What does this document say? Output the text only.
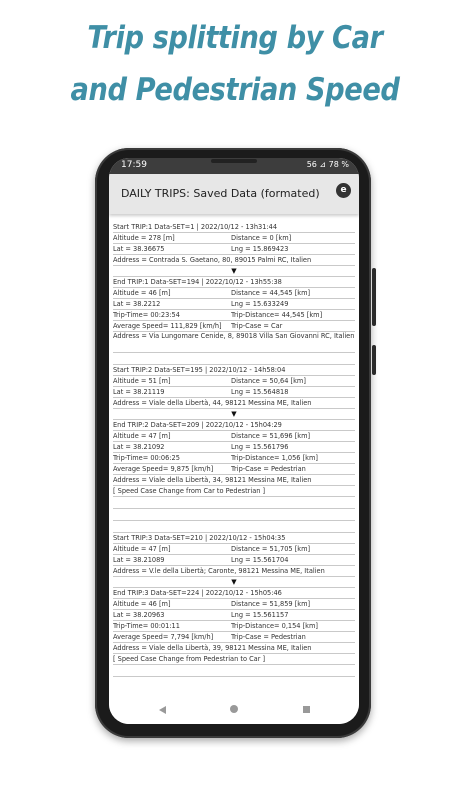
Trip splitting by Car
and Pedestrian Speed
17:59	56 ⊿ 78 %
DAILY TRIPS: Saved Data (formated)	e
Start TRIP:1 Data-SET=1 | 2022/10/12 - 13h31:44
Altitude = 278 [m]	Distance = 0 [km]
Lat = 38.36675	Lng = 15.869423
Address = Contrada S. Gaetano, 80, 89015 Palmi RC, Italien
▼
End TRIP:1 Data-SET=194 | 2022/10/12 - 13h55:38
Altitude = 46 [m]	Distance = 44,545 [km]
Lat = 38.2212	Lng = 15.633249
Trip-Time= 00:23:54	Trip-Distance= 44,545 [km]
Average Speed= 111,829 [km/h] Trip-Case = Car
Address = Via Lungomare Cenide, 8, 89018 Villa San Giovanni RC, Italien
Start TRIP:2 Data-SET=195 | 2022/10/12 - 14h58:04
Altitude = 51 [m]	Distance = 50,64 [km]
Lat = 38.21119	Lng = 15.564818
Address = Viale della Libertà, 44, 98121 Messina ME, Italien
▼
End TRIP:2 Data-SET=209 | 2022/10/12 - 15h04:29
Altitude = 47 [m]	Distance = 51,696 [km]
Lat = 38.21092	Lng = 15.561796
Trip-Time= 00:06:25	Trip-Distance= 1,056 [km]
Average Speed= 9,875 [km/h]	Trip-Case = Pedestrian
Address = Viale della Libertà, 34, 98121 Messina ME, Italien
[ Speed Case Change from Car to Pedestrian ]
Start TRIP:3 Data-SET=210 | 2022/10/12 - 15h04:35
Altitude = 47 [m]	Distance = 51,705 [km]
Lat = 38.21089	Lng = 15.561704
Address = V.le della Libertà; Caronte, 98121 Messina ME, Italien
▼
End TRIP:3 Data-SET=224 | 2022/10/12 - 15h05:46
Altitude = 46 [m]	Distance = 51,859 [km]
Lat = 38.20963	Lng = 15.561157
Trip-Time= 00:01:11	Trip-Distance= 0,154 [km]
Average Speed= 7,794 [km/h]	Trip-Case = Pedestrian
Address = Viale della Libertà, 39, 98121 Messina ME, Italien
[ Speed Case Change from Pedestrian to Car ]
